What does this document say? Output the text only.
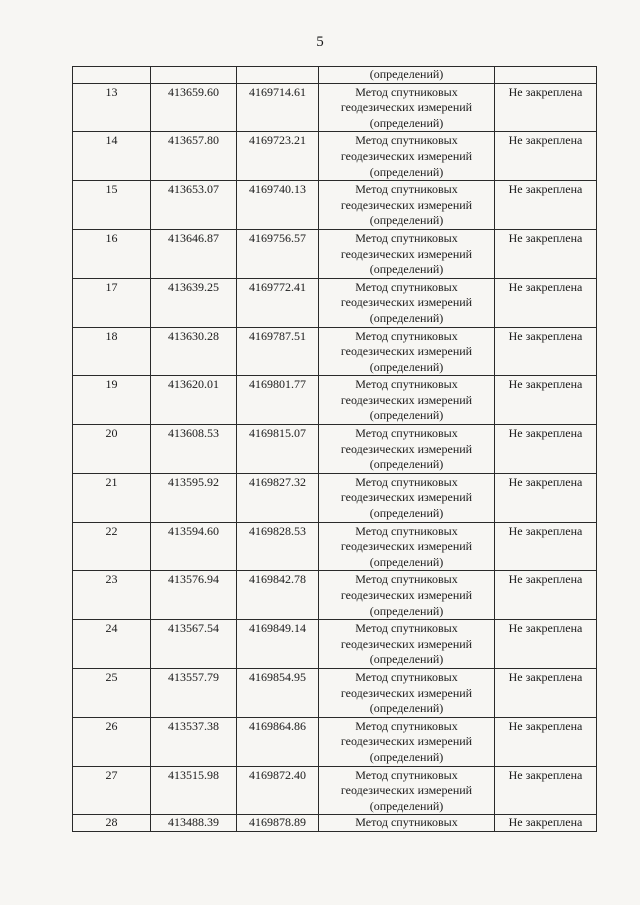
5
			(определений)	
13	413659.60	4169714.61	Метод спутниковых
геодезических измерений
(определений)	Не закреплена
14	413657.80	4169723.21	Метод спутниковых
геодезических измерений
(определений)	Не закреплена
15	413653.07	4169740.13	Метод спутниковых
геодезических измерений
(определений)	Не закреплена
16	413646.87	4169756.57	Метод спутниковых
геодезических измерений
(определений)	Не закреплена
17	413639.25	4169772.41	Метод спутниковых
геодезических измерений
(определений)	Не закреплена
18	413630.28	4169787.51	Метод спутниковых
геодезических измерений
(определений)	Не закреплена
19	413620.01	4169801.77	Метод спутниковых
геодезических измерений
(определений)	Не закреплена
20	413608.53	4169815.07	Метод спутниковых
геодезических измерений
(определений)	Не закреплена
21	413595.92	4169827.32	Метод спутниковых
геодезических измерений
(определений)	Не закреплена
22	413594.60	4169828.53	Метод спутниковых
геодезических измерений
(определений)	Не закреплена
23	413576.94	4169842.78	Метод спутниковых
геодезических измерений
(определений)	Не закреплена
24	413567.54	4169849.14	Метод спутниковых
геодезических измерений
(определений)	Не закреплена
25	413557.79	4169854.95	Метод спутниковых
геодезических измерений
(определений)	Не закреплена
26	413537.38	4169864.86	Метод спутниковых
геодезических измерений
(определений)	Не закреплена
27	413515.98	4169872.40	Метод спутниковых
геодезических измерений
(определений)	Не закреплена
28	413488.39	4169878.89	Метод спутниковых	Не закреплена
